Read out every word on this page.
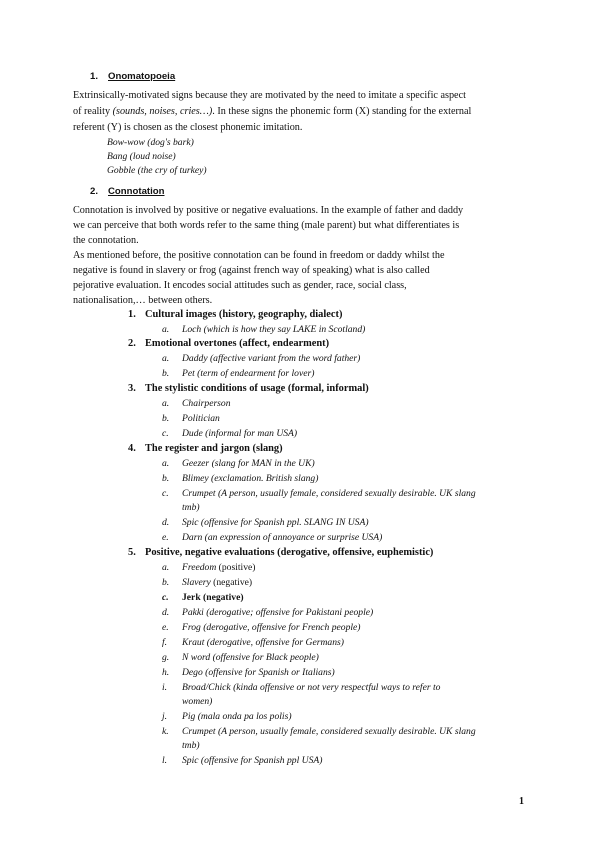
1. Onomatopoeia
Extrinsically-motivated signs because they are motivated by the need to imitate a specific aspect
of reality (sounds, noises, cries…). In these signs the phonemic form (X) standing for the external
referent (Y) is chosen as the closest phonemic imitation.
Bow-wow (dog's bark)
Bang (loud noise)
Gobble (the cry of turkey)
2. Connotation
Connotation is involved by positive or negative evaluations. In the example of father and daddy
we can perceive that both words refer to the same thing (male parent) but what differentiates is
the connotation.
As mentioned before, the positive connotation can be found in freedom or daddy whilst the
negative is found in slavery or frog (against french way of speaking) what is also called
pejorative evaluation. It encodes social attitudes such as gender, race, social class,
nationalisation,… between others.
1. Cultural images (history, geography, dialect)
a. Loch (which is how they say LAKE in Scotland)
2. Emotional overtones (affect, endearment)
a. Daddy (affective variant from the word father)
b. Pet (term of endearment for lover)
3. The stylistic conditions of usage (formal, informal)
a. Chairperson
b. Politician
c. Dude (informal for man USA)
4. The register and jargon (slang)
a. Geezer (slang for MAN in the UK)
b. Blimey (exclamation. British slang)
c. Crumpet (A person, usually female, considered sexually desirable. UK slang
tmb)
d. Spic (offensive for Spanish ppl. SLANG IN USA)
e. Darn (an expression of annoyance or surprise USA)
5. Positive, negative evaluations (derogative, offensive, euphemistic)
a. Freedom (positive)
b. Slavery (negative)
c. Jerk (negative)
d. Pakki (derogative; offensive for Pakistani people)
e. Frog (derogative, offensive for French people)
f. Kraut (derogative, offensive for Germans)
g. N word (offensive for Black people)
h. Dego (offensive for Spanish or Italians)
i. Broad/Chick (kinda offensive or not very respectful ways to refer to
women)
j. Pig (mala onda pa los polis)
k. Crumpet (A person, usually female, considered sexually desirable. UK slang
tmb)
l. Spic (offensive for Spanish ppl USA)
1
